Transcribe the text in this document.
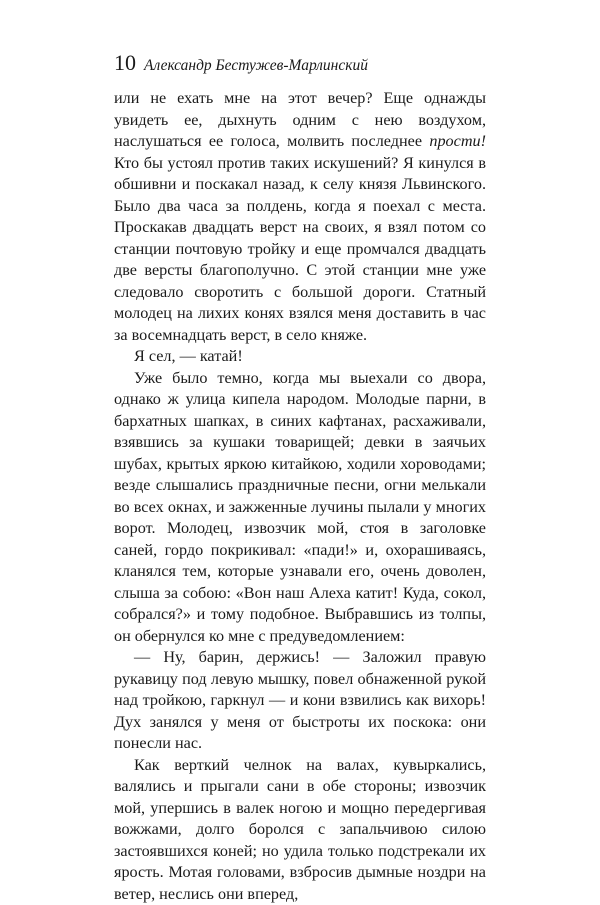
10 Александр Бестужев-Марлинский

или не ехать мне на этот вечер? Еще однажды увидеть ее, дыхнуть одним с нею воздухом, наслушаться ее голоса, молвить последнее прости! Кто бы устоял против таких искушений? Я кинулся в обшивни и поскакал назад, к селу князя Львинского. Было два часа за полдень, когда я поехал с места. Проскакав двадцать верст на своих, я взял потом со станции почтовую тройку и еще промчался двадцать две версты благополучно. С этой станции мне уже следовало своротить с большой дороги. Статный молодец на лихих конях взялся меня доставить в час за восемнадцать верст, в село княже.

Я сел, — катай!

Уже было темно, когда мы выехали со двора, однако ж улица кипела народом. Молодые парни, в бархатных шапках, в синих кафтанах, расхаживали, взявшись за кушаки товарищей; девки в заячьих шубах, крытых яркою китайкою, ходили хороводами; везде слышались праздничные песни, огни мелькали во всех окнах, и зажженные лучины пылали у многих ворот. Молодец, извозчик мой, стоя в заголовке саней, гордо покрикивал: «пади!» и, охорашиваясь, кланялся тем, которые узнавали его, очень доволен, слыша за собою: «Вон наш Алеха катит! Куда, сокол, собрался?» и тому подобное. Выбравшись из толпы, он обернулся ко мне с предуведомлением:

— Ну, барин, держись! — Заложил правую рукавицу под левую мышку, повел обнаженной рукой над тройкою, гаркнул — и кони взвились как вихорь! Дух занялся у меня от быстроты их поскока: они понесли нас.

Как верткий челнок на валах, кувыркались, валялись и прыгали сани в обе стороны; извозчик мой, упершись в валек ногою и мощно передергивая вожжами, долго боролся с запальчивою силою застоявшихся коней; но удила только подстрекали их ярость. Мотая головами, взбросив дымные ноздри на ветер, неслись они вперед,
